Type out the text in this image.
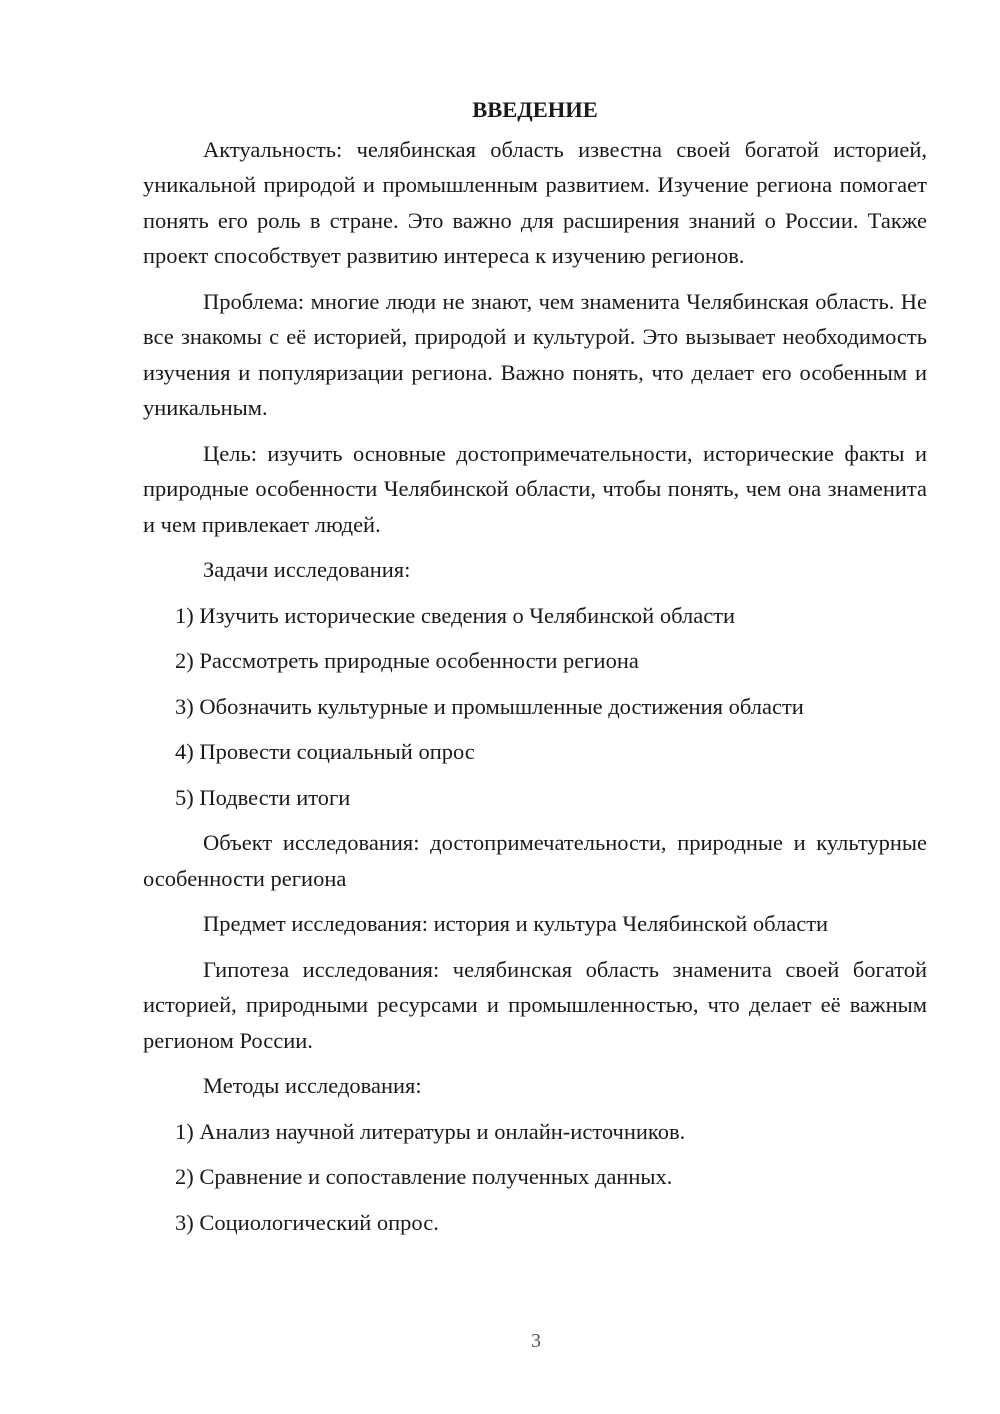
ВВЕДЕНИЕ

Актуальность: челябинская область известна своей богатой историей, уникальной природой и промышленным развитием. Изучение региона помогает понять его роль в стране. Это важно для расширения знаний о России. Также проект способствует развитию интереса к изучению регионов.

Проблема: многие люди не знают, чем знаменита Челябинская область. Не все знакомы с её историей, природой и культурой. Это вызывает необходимость изучения и популяризации региона. Важно понять, что делает его особенным и уникальным.

Цель: изучить основные достопримечательности, исторические факты и природные особенности Челябинской области, чтобы понять, чем она знаменита и чем привлекает людей.

Задачи исследования:

1) Изучить исторические сведения о Челябинской области

2) Рассмотреть природные особенности региона

3) Обозначить культурные и промышленные достижения области

4) Провести социальный опрос

5) Подвести итоги

Объект исследования: достопримечательности, природные и культурные особенности региона

Предмет исследования: история и культура Челябинской области

Гипотеза исследования: челябинская область знаменита своей богатой историей, природными ресурсами и промышленностью, что делает её важным регионом России.

Методы исследования:

1) Анализ научной литературы и онлайн-источников.

2) Сравнение и сопоставление полученных данных.

3) Социологический опрос.

3
